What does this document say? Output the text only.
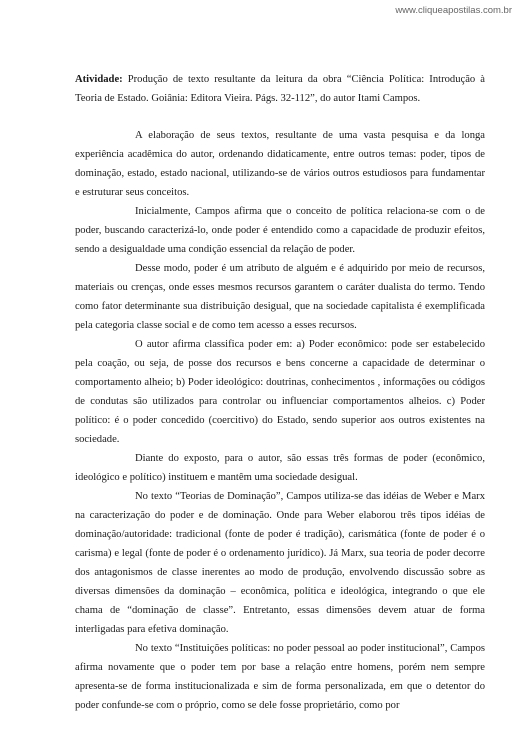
www.cliqueapostilas.com.br

Atividade: Produção de texto resultante da leitura da obra “Ciência Política: Introdução à Teoria de Estado. Goiânia: Editora Vieira. Págs. 32-112”, do autor Itami Campos.

A elaboração de seus textos, resultante de uma vasta pesquisa e da longa experiência acadêmica do autor, ordenando didaticamente, entre outros temas: poder, tipos de dominação, estado, estado nacional, utilizando-se de vários outros estudiosos para fundamentar e estruturar seus conceitos.

Inicialmente, Campos afirma que o conceito de política relaciona-se com o de poder, buscando caracterizá-lo, onde poder é entendido como a capacidade de produzir efeitos, sendo a desigualdade uma condição essencial da relação de poder.

Desse modo, poder é um atributo de alguém e é adquirido por meio de recursos, materiais ou crenças, onde esses mesmos recursos garantem o caráter dualista do termo. Tendo como fator determinante sua distribuição desigual, que na sociedade capitalista é exemplificada pela categoria classe social e de como tem acesso a esses recursos.

O autor afirma classifica poder em: a) Poder econômico: pode ser estabelecido pela coação, ou seja, de posse dos recursos e bens concerne a capacidade de determinar o comportamento alheio; b) Poder ideológico: doutrinas, conhecimentos , informações ou códigos de condutas são utilizados para controlar ou influenciar comportamentos alheios. c) Poder político: é o poder concedido (coercitivo) do Estado, sendo superior aos outros existentes na sociedade.

Diante do exposto, para o autor, são essas três formas de poder (econômico, ideológico e político) instituem e mantêm uma sociedade desigual.

No texto “Teorias de Dominação”, Campos utiliza-se das idéias de Weber e Marx na caracterização do poder e de dominação. Onde para Weber elaborou três tipos idéias de dominação/autoridade: tradicional (fonte de poder é tradição), carismática (fonte de poder é o carisma) e legal (fonte de poder é o ordenamento jurídico). Já Marx, sua teoria de poder decorre dos antagonismos de classe inerentes ao modo de produção, envolvendo discussão sobre as diversas dimensões da dominação – econômica, política e ideológica, integrando o que ele chama de “dominação de classe”. Entretanto, essas dimensões devem atuar de forma interligadas para efetiva dominação.

No texto “Instituições políticas: no poder pessoal ao poder institucional”, Campos afirma novamente que o poder tem por base a relação entre homens, porém nem sempre apresenta-se de forma institucionalizada e sim de forma personalizada, em que o detentor do poder confunde-se com o próprio, como se dele fosse proprietário, como por
